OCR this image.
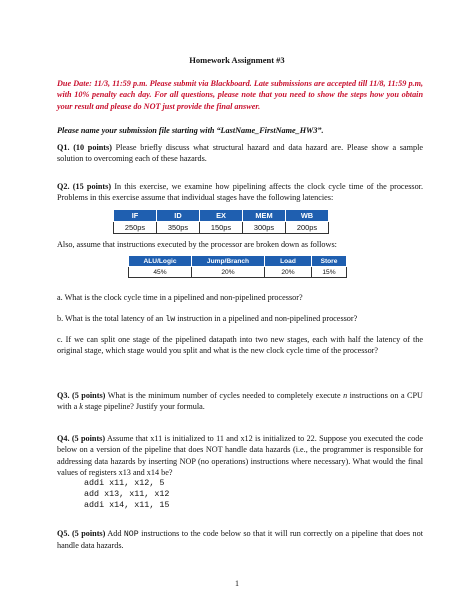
Homework Assignment #3

Due Date: 11/3, 11:59 p.m. Please submit via Blackboard. Late submissions are accepted till 11/8, 11:59 p.m, with 10% penalty each day. For all questions, please note that you need to show the steps how you obtain your result and please do NOT just provide the final answer.

Please name your submission file starting with “LastName_FirstName_HW3”.

Q1. (10 points) Please briefly discuss what structural hazard and data hazard are. Please show a sample solution to overcoming each of these hazards.

Q2. (15 points) In this exercise, we examine how pipelining affects the clock cycle time of the processor. Problems in this exercise assume that individual stages have the following latencies:

IF	ID	EX	MEM	WB
250ps	350ps	150ps	300ps	200ps

Also, assume that instructions executed by the processor are broken down as follows:

ALU/Logic	Jump/Branch	Load	Store
45%	20%	20%	15%

a. What is the clock cycle time in a pipelined and non-pipelined processor?

b. What is the total latency of an lw instruction in a pipelined and non-pipelined processor?

c. If we can split one stage of the pipelined datapath into two new stages, each with half the latency of the original stage, which stage would you split and what is the new clock cycle time of the processor?

Q3. (5 points) What is the minimum number of cycles needed to completely execute n instructions on a CPU with a k stage pipeline? Justify your formula.

Q4. (5 points) Assume that x11 is initialized to 11 and x12 is initialized to 22. Suppose you executed the code below on a version of the pipeline that does NOT handle data hazards (i.e., the programmer is responsible for addressing data hazards by inserting NOP (no operations) instructions where necessary). What would the final values of registers x13 and x14 be?

addi x11, x12, 5
add x13, x11, x12
addi x14, x11, 15

Q5. (5 points) Add NOP instructions to the code below so that it will run correctly on a pipeline that does not handle data hazards.

1
